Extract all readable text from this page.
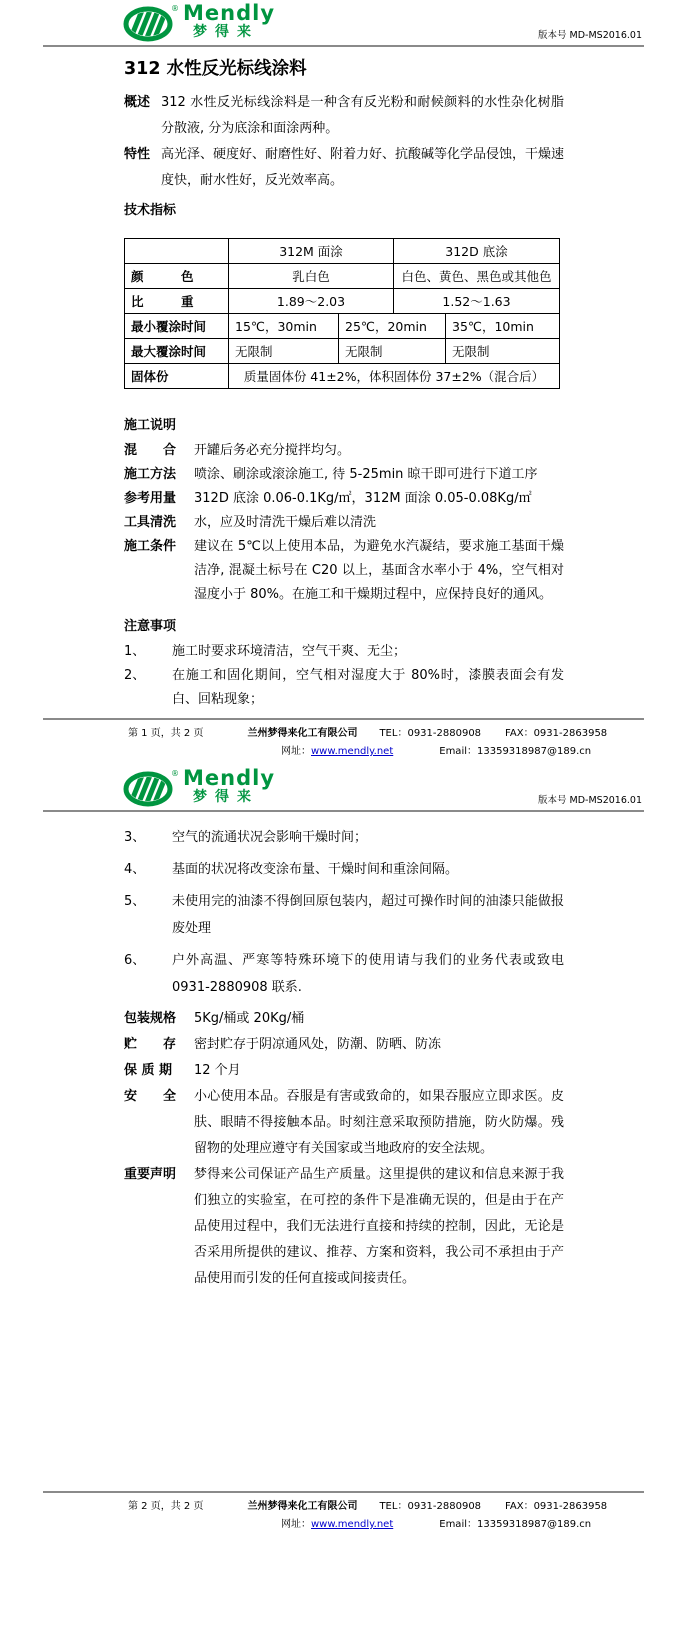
® Mendly
梦得来	版本号 MD-MS2016.01
312 水性反光标线涂料
概述 312 水性反光标线涂料是一种含有反光粉和耐候颜料的水性杂化树脂分散液, 分为底涂和面涂两种。
特性 高光泽、硬度好、耐磨性好、附着力好、抗酸碱等化学品侵蚀，干燥速度快，耐水性好，反光效率高。
技术指标
	312M 面涂		312D 底涂	
颜　　　色	乳白色		白色、黄色、黑色或其他色	
比　　　重	1.89～2.03		1.52～1.63	
最小覆涂时间	15℃，30min	25℃，20min		35℃，10min
最大覆涂时间	无限制	无限制		无限制
固体份	质量固体份 41±2%，体积固体份 37±2%（混合后）			
施工说明
混　　合	开罐后务必充分搅拌均匀。
施工方法	喷涂、刷涂或滚涂施工, 待 5-25min 晾干即可进行下道工序
参考用量	312D 底涂 0.06-0.1Kg/㎡，312M 面涂 0.05-0.08Kg/㎡
工具清洗	水，应及时清洗干燥后难以清洗
施工条件	建议在 5℃以上使用本品，为避免水汽凝结，要求施工基面干燥洁净, 混凝土标号在 C20 以上，基面含水率小于 4%，空气相对湿度小于 80%。在施工和干燥期过程中，应保持良好的通风。
注意事项
1、	施工时要求环境清洁，空气干爽、无尘；
2、	在施工和固化期间，空气相对湿度大于 80%时，漆膜表面会有发白、回粘现象；
第 1 页，共 2 页	兰州梦得来化工有限公司 TEL：0931-2880908 FAX：0931-2863958
网址：www.mendly.net	Email：13359318987@189.cn
® Mendly
梦得来	版本号 MD-MS2016.01
3、	空气的流通状况会影响干燥时间；
4、	基面的状况将改变涂布量、干燥时间和重涂间隔。
5、	未使用完的油漆不得倒回原包装内，超过可操作时间的油漆只能做报废处理
6、	户外高温、严寒等特殊环境下的使用请与我们的业务代表或致电 0931-2880908 联系.
包装规格	5Kg/桶或 20Kg/桶
贮　　存	密封贮存于阴凉通风处，防潮、防晒、防冻
保 质 期	12 个月
安　　全	小心使用本品。吞服是有害或致命的，如果吞服应立即求医。皮肤、眼睛不得接触本品。时刻注意采取预防措施，防火防爆。残留物的处理应遵守有关国家或当地政府的安全法规。
重要声明	梦得来公司保证产品生产质量。这里提供的建议和信息来源于我们独立的实验室，在可控的条件下是准确无误的，但是由于在产品使用过程中，我们无法进行直接和持续的控制，因此，无论是否采用所提供的建议、推荐、方案和资料，我公司不承担由于产品使用而引发的任何直接或间接责任。
第 2 页，共 2 页	兰州梦得来化工有限公司 TEL：0931-2880908 FAX：0931-2863958
网址：www.mendly.net	Email：13359318987@189.cn
